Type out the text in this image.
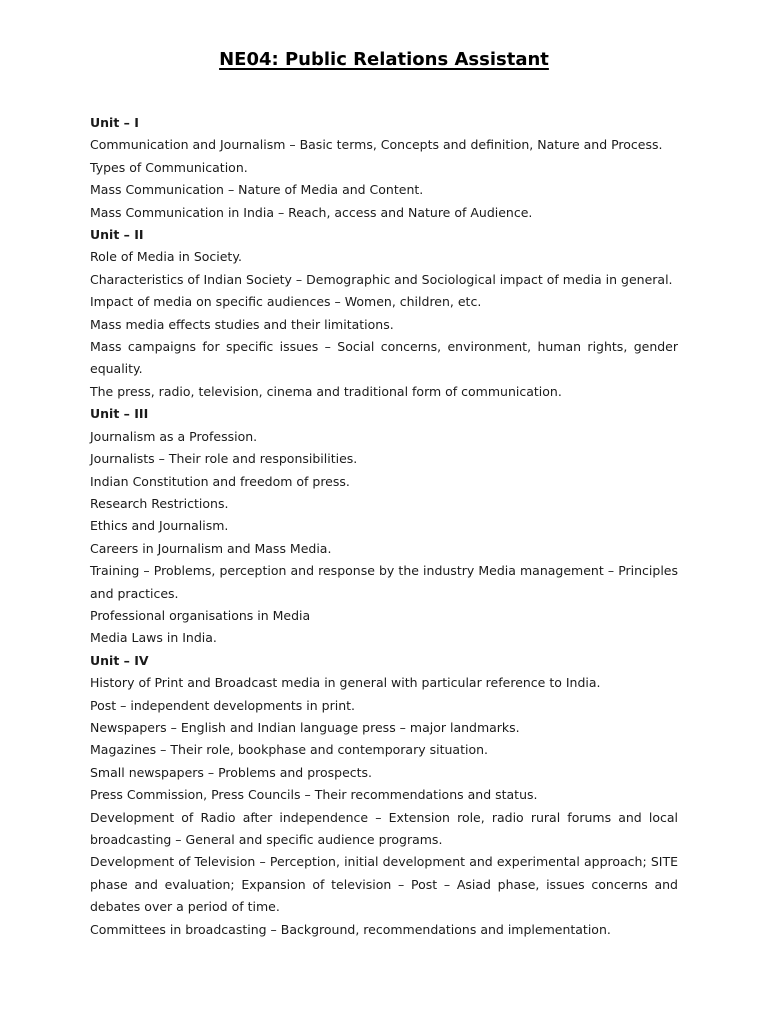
NE04: Public Relations Assistant
Unit – I
Communication and Journalism – Basic terms, Concepts and definition, Nature and Process.
Types of Communication.
Mass Communication – Nature of Media and Content.
Mass Communication in India – Reach, access and Nature of Audience.
Unit – II
Role of Media in Society.
Characteristics of Indian Society – Demographic and Sociological impact of media in general.
Impact of media on specific audiences – Women, children, etc.
Mass media effects studies and their limitations.
Mass campaigns for specific issues – Social concerns, environment, human rights, gender equality.
The press, radio, television, cinema and traditional form of communication.
Unit – III
Journalism as a Profession.
Journalists – Their role and responsibilities.
Indian Constitution and freedom of press.
Research Restrictions.
Ethics and Journalism.
Careers in Journalism and Mass Media.
Training – Problems, perception and response by the industry Media management – Principles and practices.
Professional organisations in Media
Media Laws in India.
Unit – IV
History of Print and Broadcast media in general with particular reference to India.
Post – independent developments in print.
Newspapers – English and Indian language press – major landmarks.
Magazines – Their role, bookphase and contemporary situation.
Small newspapers – Problems and prospects.
Press Commission, Press Councils – Their recommendations and status.
Development of Radio after independence – Extension role, radio rural forums and local broadcasting – General and specific audience programs.
Development of Television – Perception, initial development and experimental approach; SITE phase and evaluation; Expansion of television – Post – Asiad phase, issues concerns and debates over a period of time.
Committees in broadcasting – Background, recommendations and implementation.
